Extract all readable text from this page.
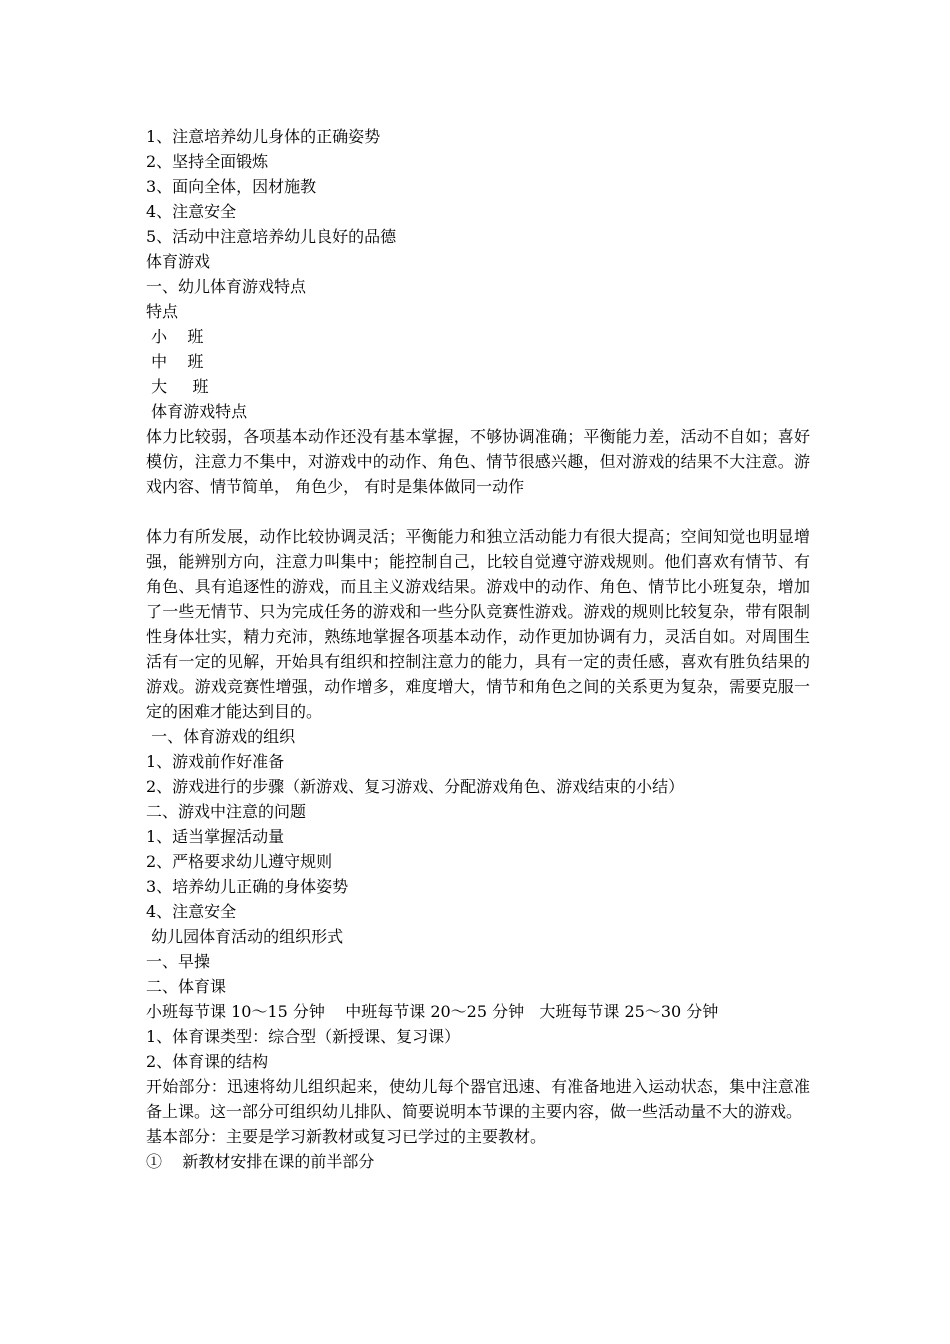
1、注意培养幼儿身体的正确姿势
2、坚持全面锻炼
3、面向全体，因材施教
4、注意安全
5、活动中注意培养幼儿良好的品德
体育游戏
一、幼儿体育游戏特点
特点
小    班
中    班
大     班
体育游戏特点
体力比较弱，各项基本动作还没有基本掌握，不够协调准确；平衡能力差，活动不自如；喜好模仿，注意力不集中，对游戏中的动作、角色、情节很感兴趣，但对游戏的结果不大注意。游戏内容、情节简单， 角色少， 有时是集体做同一动作
体力有所发展，动作比较协调灵活；平衡能力和独立活动能力有很大提高；空间知觉也明显增强，能辨别方向，注意力叫集中；能控制自己，比较自觉遵守游戏规则。他们喜欢有情节、有角色、具有追逐性的游戏，而且主义游戏结果。游戏中的动作、角色、情节比小班复杂，增加了一些无情节、只为完成任务的游戏和一些分队竞赛性游戏。游戏的规则比较复杂，带有限制性身体壮实，精力充沛，熟练地掌握各项基本动作，动作更加协调有力，灵活自如。对周围生活有一定的见解，开始具有组织和控制注意力的能力，具有一定的责任感，喜欢有胜负结果的游戏。游戏竞赛性增强，动作增多，难度增大，情节和角色之间的关系更为复杂，需要克服一定的困难才能达到目的。
一、体育游戏的组织
1、游戏前作好准备
2、游戏进行的步骤（新游戏、复习游戏、分配游戏角色、游戏结束的小结）
二、游戏中注意的问题
1、适当掌握活动量
2、严格要求幼儿遵守规则
3、培养幼儿正确的身体姿势
4、注意安全
幼儿园体育活动的组织形式
一、早操
二、体育课
小班每节课 10～15 分钟    中班每节课 20～25 分钟   大班每节课 25～30 分钟
1、体育课类型：综合型（新授课、复习课）
2、体育课的结构
开始部分：迅速将幼儿组织起来，使幼儿每个器官迅速、有准备地进入运动状态，集中注意准备上课。这一部分可组织幼儿排队、简要说明本节课的主要内容，做一些活动量不大的游戏。
基本部分：主要是学习新教材或复习已学过的主要教材。
①    新教材安排在课的前半部分
